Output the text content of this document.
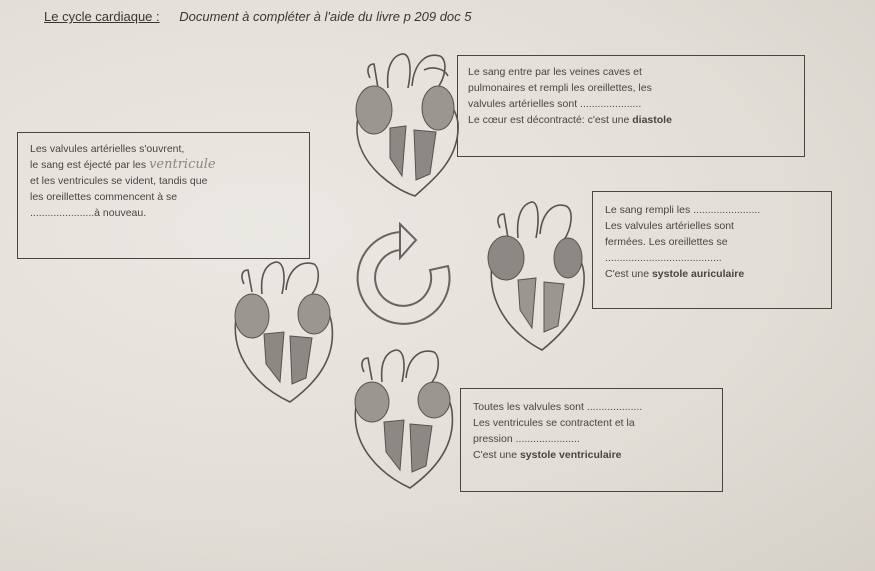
Le cycle cardiaque : Document à compléter à l'aide du livre p 209 doc 5

Le sang entre par les veines caves et

pulmonaires et rempli les oreillettes, les

valvules artérielles sont .....................

Le cœur est décontracté: c'est une diastole

Les valvules artérielles s'ouvrent,

le sang est éjecté par les ventricule

et les ventricules se vident, tandis que

les oreillettes commencent à se

......................à nouveau.	Le sang rempli les .......................

Les valvules artérielles sont

fermées. Les oreillettes se

........................................

C'est une systole auriculaire

Toutes les valvules sont ...................

Les ventricules se contractent et la

pression ......................

C'est une systole ventriculaire
